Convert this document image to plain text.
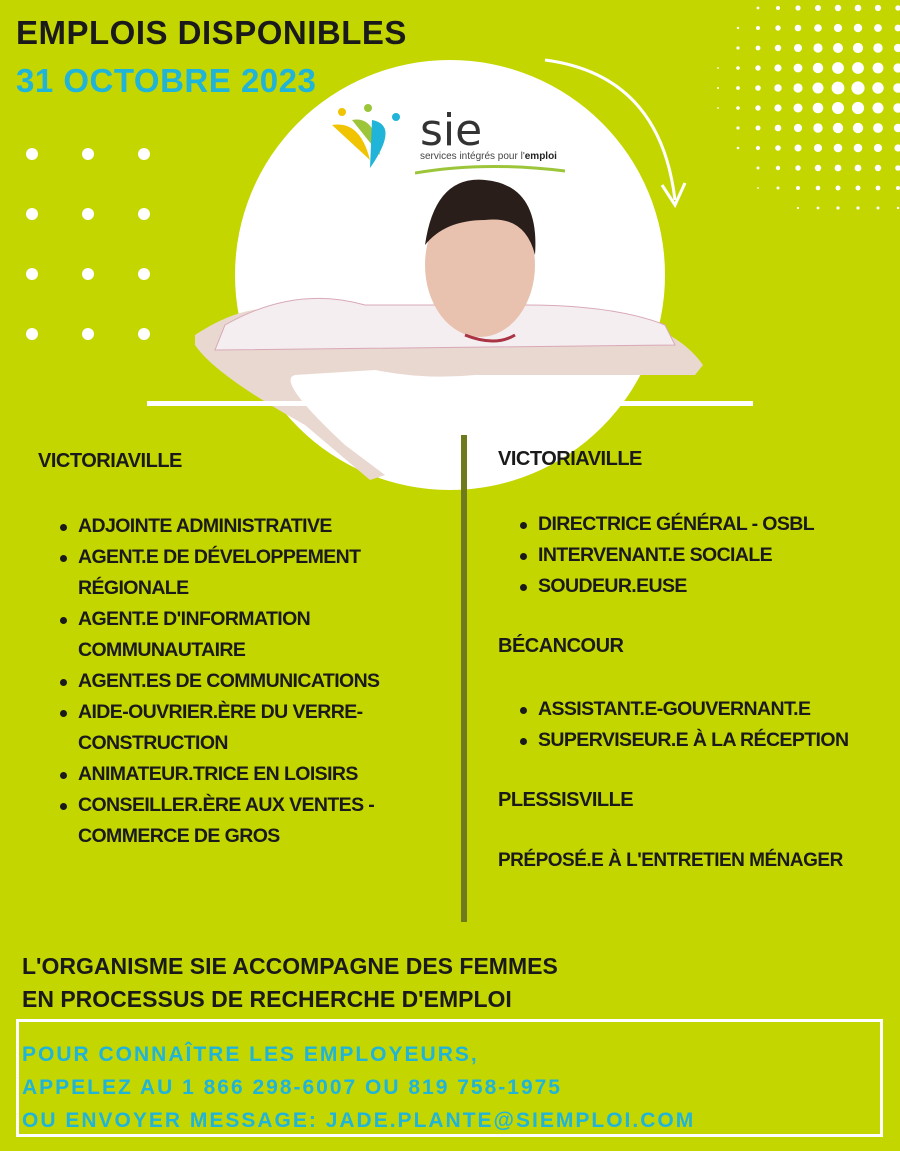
sie
services intégrés pour l'emploi
EMPLOIS DISPONIBLES
31 OCTOBRE 2023
VICTORIAVILLE
ADJOINTE ADMINISTRATIVE
AGENT.E DE DÉVELOPPEMENT RÉGIONALE
AGENT.E D'INFORMATION COMMUNAUTAIRE
AGENT.ES DE COMMUNICATIONS
AIDE-OUVRIER.ÈRE DU VERRE-CONSTRUCTION
ANIMATEUR.TRICE EN LOISIRS
CONSEILLER.ÈRE AUX VENTES - COMMERCE DE GROS
VICTORIAVILLE
DIRECTRICE GÉNÉRAL - OSBL
INTERVENANT.E SOCIALE
SOUDEUR.EUSE
BÉCANCOUR
ASSISTANT.E-GOUVERNANT.E
SUPERVISEUR.E À LA RÉCEPTION
PLESSISVILLE
PRÉPOSÉ.E À L'ENTRETIEN MÉNAGER
L'ORGANISME SIE ACCOMPAGNE DES FEMMES
EN PROCESSUS DE RECHERCHE D'EMPLOI
POUR CONNAÎTRE LES EMPLOYEURS,
APPELEZ AU 1 866 298-6007 OU 819 758-1975
OU ENVOYER MESSAGE: JADE.PLANTE@SIEMPLOI.COM
